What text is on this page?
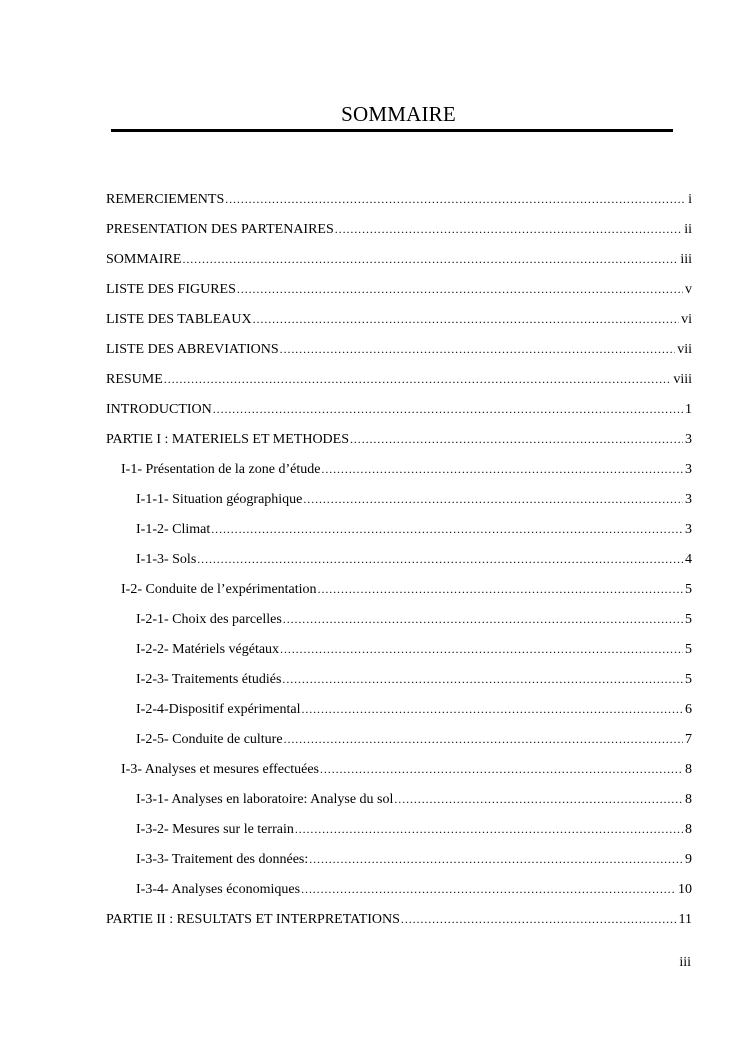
SOMMAIRE
REMERCIEMENTS .....	i
PRESENTATION DES PARTENAIRES .....	ii
SOMMAIRE .....	iii
LISTE DES FIGURES .....	v
LISTE DES TABLEAUX .....	vi
LISTE DES ABREVIATIONS .....	vii
RESUME .....	viii
INTRODUCTION .....	1
PARTIE I : MATERIELS ET METHODES .....	3
I-1- Présentation de la zone d’étude .....	3
I-1-1- Situation géographique .....	3
I-1-2- Climat .....	3
I-1-3- Sols .....	4
I-2- Conduite de l’expérimentation .....	5
I-2-1- Choix des parcelles .....	5
I-2-2- Matériels végétaux .....	5
I-2-3- Traitements étudiés .....	5
I-2-4-Dispositif expérimental .....	6
I-2-5- Conduite de culture .....	7
I-3- Analyses et mesures effectuées .....	8
I-3-1- Analyses en laboratoire: Analyse du sol .....	8
I-3-2- Mesures sur le terrain .....	8
I-3-3- Traitement des données: .....	9
I-3-4- Analyses économiques .....	10
PARTIE II : RESULTATS ET INTERPRETATIONS .....	11
iii
